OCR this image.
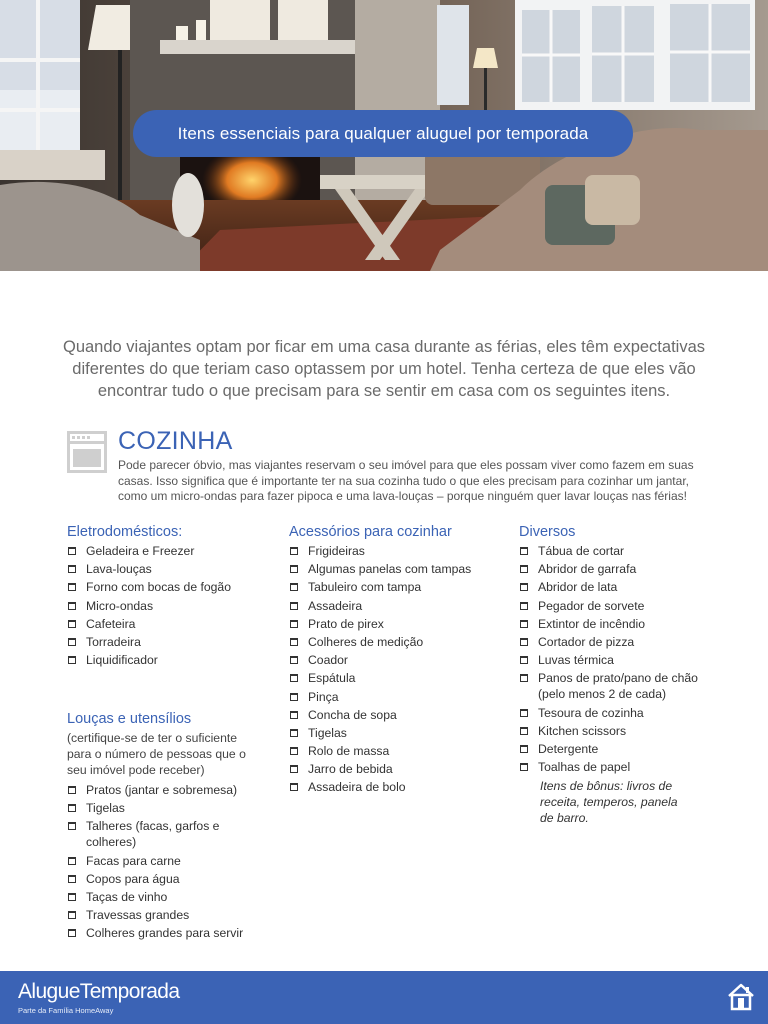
Itens essenciais para qualquer aluguel por temporada

Quando viajantes optam por ficar em uma casa durante as férias, eles têm expectativas diferentes do que teriam caso optassem por um hotel. Tenha certeza de que eles vão encontrar tudo o que precisam para se sentir em casa com os seguintes itens.

COZINHA

Pode parecer óbvio, mas viajantes reservam o seu imóvel para que eles possam viver como fazem em suas casas. Isso significa que é importante ter na sua cozinha tudo o que eles precisam para cozinhar um jantar, como um micro-ondas para fazer pipoca e uma lava-louças – porque ninguém quer lavar louças nas férias!

Eletrodomésticos:
Geladeira e Freezer
Lava-louças
Forno com bocas de fogão
Micro-ondas
Cafeteira
Torradeira
Liquidificador
Louças e utensílios
(certifique-se de ter o suficiente para o número de pessoas que o seu imóvel pode receber)
Pratos (jantar e sobremesa)
Tigelas
Talheres (facas, garfos e colheres)
Facas para carne
Copos para água
Taças de vinho
Travessas grandes
Colheres grandes para servir
Acessórios para cozinhar
Frigideiras
Algumas panelas com tampas
Tabuleiro com tampa
Assadeira
Prato de pirex
Colheres de medição
Coador
Espátula
Pinça
Concha de sopa
Tigelas
Rolo de massa
Jarro de bebida
Assadeira de bolo
Diversos
Tábua de cortar
Abridor de garrafa
Abridor de lata
Pegador de sorvete
Extintor de incêndio
Cortador de pizza
Luvas térmica
Panos de prato/pano de chão (pelo menos 2 de cada)
Tesoura de cozinha
Kitchen scissors
Detergente
Toalhas de papel
Itens de bônus: livros de receita, temperos, panela de barro.
AlugueTemporada
Parte da Família HomeAway
